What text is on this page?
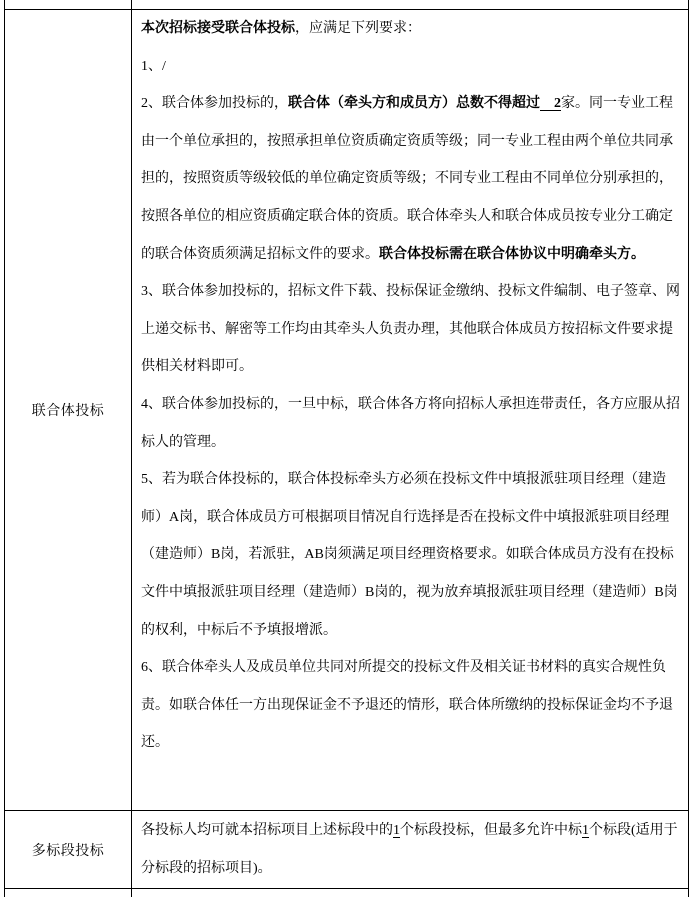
联合体投标

本次招标接受联合体投标，应满足下列要求：

1、/

2、联合体参加投标的，联合体（牵头方和成员方）总数不得超过　2家。同一专业工程由一个单位承担的，按照承担单位资质确定资质等级；同一专业工程由两个单位共同承担的，按照资质等级较低的单位确定资质等级；不同专业工程由不同单位分别承担的，按照各单位的相应资质确定联合体的资质。联合体牵头人和联合体成员按专业分工确定的联合体资质须满足招标文件的要求。联合体投标需在联合体协议中明确牵头方。

3、联合体参加投标的，招标文件下载、投标保证金缴纳、投标文件编制、电子签章、网上递交标书、解密等工作均由其牵头人负责办理，其他联合体成员方按招标文件要求提供相关材料即可。

4、联合体参加投标的，一旦中标，联合体各方将向招标人承担连带责任，各方应服从招标人的管理。

5、若为联合体投标的，联合体投标牵头方必须在投标文件中填报派驻项目经理（建造师）A岗，联合体成员方可根据项目情况自行选择是否在投标文件中填报派驻项目经理（建造师）B岗，若派驻，AB岗须满足项目经理资格要求。如联合体成员方没有在投标文件中填报派驻项目经理（建造师）B岗的，视为放弃填报派驻项目经理（建造师）B岗的权利，中标后不予填报增派。

6、联合体牵头人及成员单位共同对所提交的投标文件及相关证书材料的真实合规性负责。如联合体任一方出现保证金不予退还的情形，联合体所缴纳的投标保证金均不予退还。

多标段投标

各投标人均可就本招标项目上述标段中的1个标段投标，但最多允许中标1个标段(适用于分标段的招标项目)。
